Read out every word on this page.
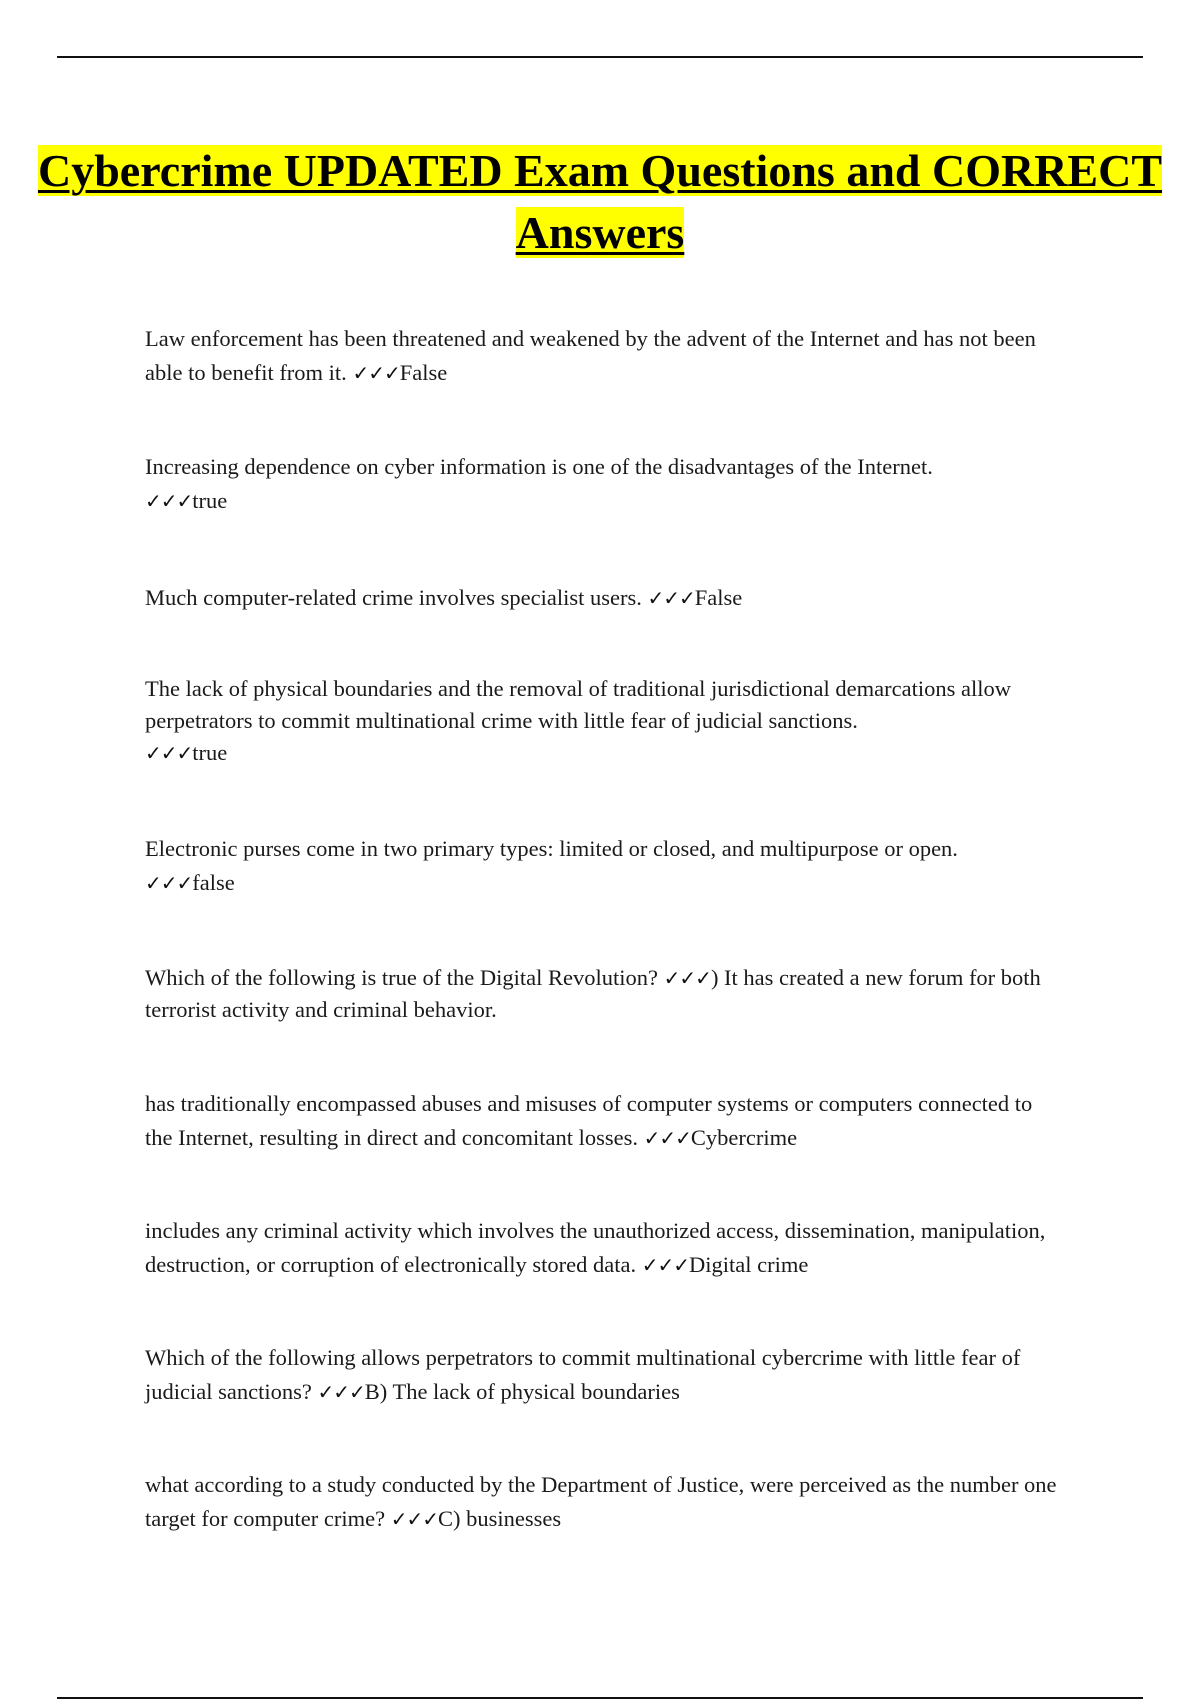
Cybercrime UPDATED Exam Questions and CORRECT Answers
Law enforcement has been threatened and weakened by the advent of the Internet and has not been able to benefit from it. ✓✓✓False
Increasing dependence on cyber information is one of the disadvantages of the Internet.
✓✓✓true
Much computer-related crime involves specialist users. ✓✓✓False
The lack of physical boundaries and the removal of traditional jurisdictional demarcations allow perpetrators to commit multinational crime with little fear of judicial sanctions.
✓✓✓true
Electronic purses come in two primary types: limited or closed, and multipurpose or open.
✓✓✓false
Which of the following is true of the Digital Revolution? ✓✓✓) It has created a new forum for both terrorist activity and criminal behavior.
has traditionally encompassed abuses and misuses of computer systems or computers connected to the Internet, resulting in direct and concomitant losses. ✓✓✓Cybercrime
includes any criminal activity which involves the unauthorized access, dissemination, manipulation, destruction, or corruption of electronically stored data. ✓✓✓Digital crime
Which of the following allows perpetrators to commit multinational cybercrime with little fear of judicial sanctions? ✓✓✓B) The lack of physical boundaries
what according to a study conducted by the Department of Justice, were perceived as the number one target for computer crime? ✓✓✓C) businesses
